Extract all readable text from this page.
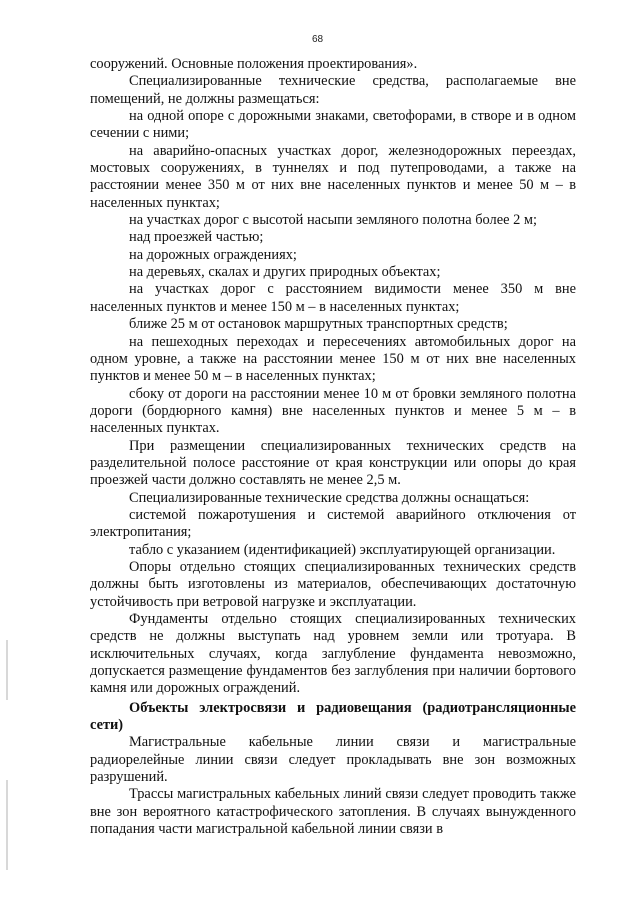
68

сооружений. Основные положения проектирования».

Специализированные технические средства, располагаемые вне помещений, не должны размещаться:

на одной опоре с дорожными знаками, светофорами, в створе и в одном сечении с ними;

на аварийно-опасных участках дорог, железнодорожных переездах, мостовых сооружениях, в туннелях и под путепроводами, а также на расстоянии менее 350 м от них вне населенных пунктов и менее 50 м – в населенных пунктах;

на участках дорог с высотой насыпи земляного полотна более 2 м;

над проезжей частью;

на дорожных ограждениях;

на деревьях, скалах и других природных объектах;

на участках дорог с расстоянием видимости менее 350 м вне населенных пунктов и менее 150 м – в населенных пунктах;

ближе 25 м от остановок маршрутных транспортных средств;

на пешеходных переходах и пересечениях автомобильных дорог на одном уровне, а также на расстоянии менее 150 м от них вне населенных пунктов и менее 50 м – в населенных пунктах;

сбоку от дороги на расстоянии менее 10 м от бровки земляного полотна дороги (бордюрного камня) вне населенных пунктов и менее 5 м – в населенных пунктах.

При размещении специализированных технических средств на разделительной полосе расстояние от края конструкции или опоры до края проезжей части должно составлять не менее 2,5 м.

Специализированные технические средства должны оснащаться:

системой пожаротушения и системой аварийного отключения от электропитания;

табло с указанием (идентификацией) эксплуатирующей организации.

Опоры отдельно стоящих специализированных технических средств должны быть изготовлены из материалов, обеспечивающих достаточную устойчивость при ветровой нагрузке и эксплуатации.

Фундаменты отдельно стоящих специализированных технических средств не должны выступать над уровнем земли или тротуара. В исключительных случаях, когда заглубление фундамента невозможно, допускается размещение фундаментов без заглубления при наличии бортового камня или дорожных ограждений.

Объекты электросвязи и радиовещания (радиотрансляционные сети)

Магистральные кабельные линии связи и магистральные радиорелейные линии связи следует прокладывать вне зон возможных разрушений.

Трассы магистральных кабельных линий связи следует проводить также вне зон вероятного катастрофического затопления. В случаях вынужденного попадания части магистральной кабельной линии связи в
